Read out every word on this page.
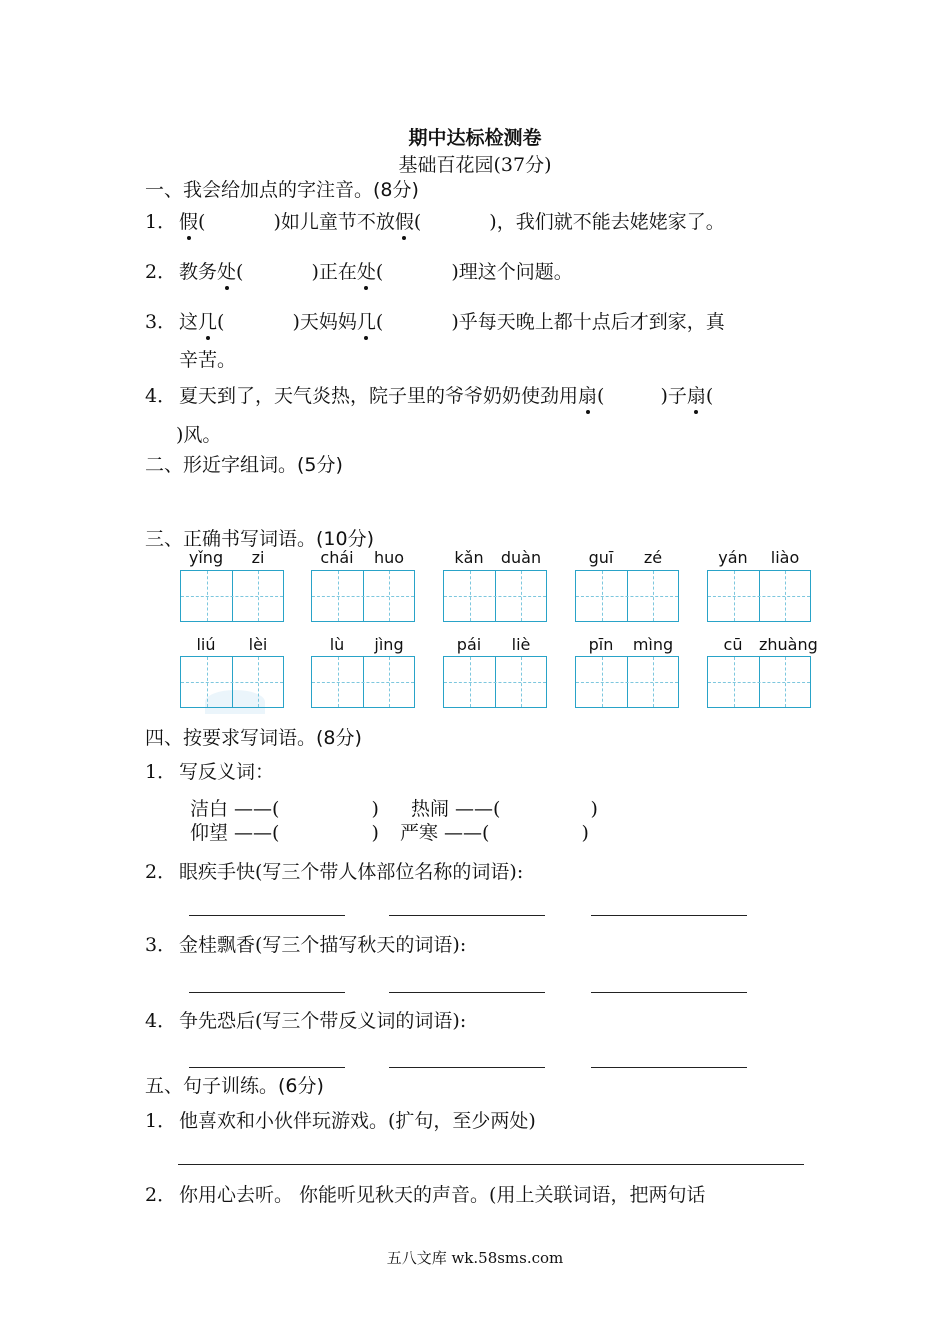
期中达标检测卷
基础百花园(37分)
一、我会给加点的字注音。(8分)
1． 假(	)如儿童节不放假(	)，我们就不能去姥姥家了。
2． 教务处(	)正在处(	)理这个问题。
3． 这几(	)天妈妈几(	)乎每天晚上都十点后才到家，真
辛苦。
4． 夏天到了，天气炎热，院子里的爷爷奶奶使劲用扇(	)子扇(
)风。
二、形近字组词。(5分)
三、正确书写词语。(10分)
yǐng	zi	chái	huo	kǎn	duàn	guī	zé	yán	liào
liú	lèi	lù	jìng	pái	liè	pīn	mìng	cū	zhuàng
四、按要求写词语。(8分)
1． 写反义词：
洁白 ——(	) 热闹 ——(	)
仰望 ——(	) 严寒 ——(	)
2． 眼疾手快(写三个带人体部位名称的词语):
3． 金桂飘香(写三个描写秋天的词语):
4． 争先恐后(写三个带反义词的词语):
五、句子训练。(6分)
1． 他喜欢和小伙伴玩游戏。(扩句，至少两处)
2． 你用心去听。 你能听见秋天的声音。(用上关联词语，把两句话
五八文库 wk.58sms.com
